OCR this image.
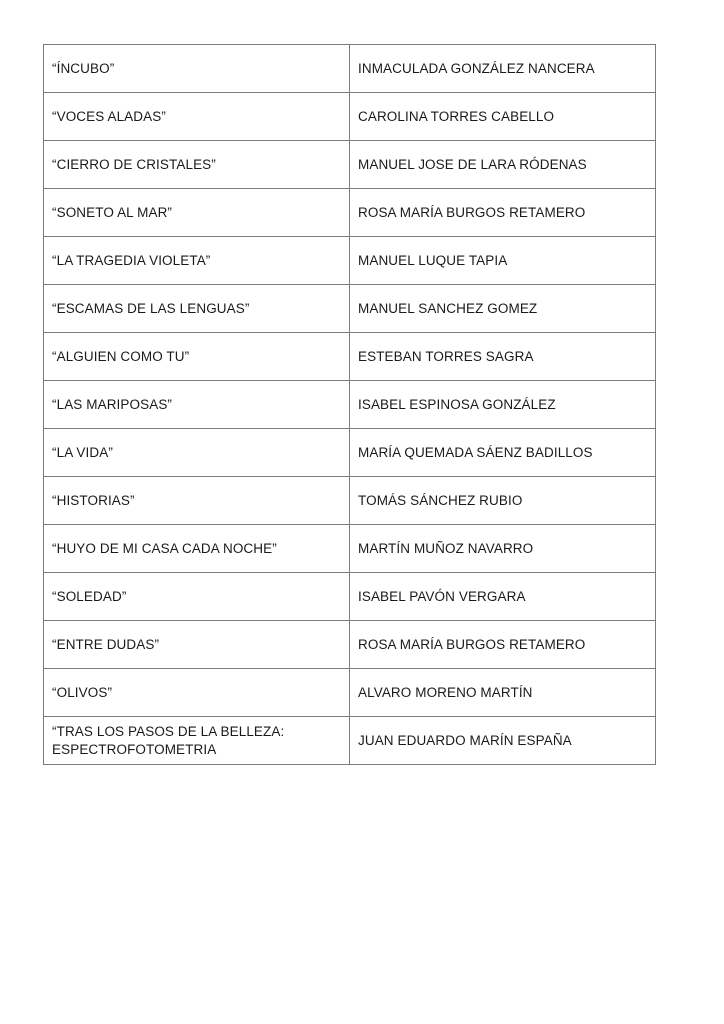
“ÍNCUBO”	INMACULADA GONZÁLEZ NANCERA
“VOCES ALADAS”	CAROLINA TORRES CABELLO
“CIERRO DE CRISTALES”	MANUEL JOSE DE LARA RÓDENAS
“SONETO AL MAR”	ROSA MARÍA BURGOS RETAMERO
“LA TRAGEDIA VIOLETA”	MANUEL LUQUE TAPIA
“ESCAMAS DE LAS LENGUAS”	MANUEL SANCHEZ GOMEZ
“ALGUIEN COMO TU”	ESTEBAN TORRES SAGRA
“LAS MARIPOSAS”	ISABEL ESPINOSA GONZÁLEZ
“LA VIDA”	MARÍA QUEMADA SÁENZ BADILLOS
“HISTORIAS”	TOMÁS SÁNCHEZ RUBIO
“HUYO DE MI CASA CADA NOCHE”	MARTÍN MUÑOZ NAVARRO
“SOLEDAD”	ISABEL PAVÓN VERGARA
“ENTRE DUDAS”	ROSA MARÍA BURGOS RETAMERO
“OLIVOS”	ALVARO MORENO MARTÍN
“TRAS LOS PASOS DE LA BELLEZA:
ESPECTROFOTOMETRIA	JUAN EDUARDO MARÍN ESPAÑA
